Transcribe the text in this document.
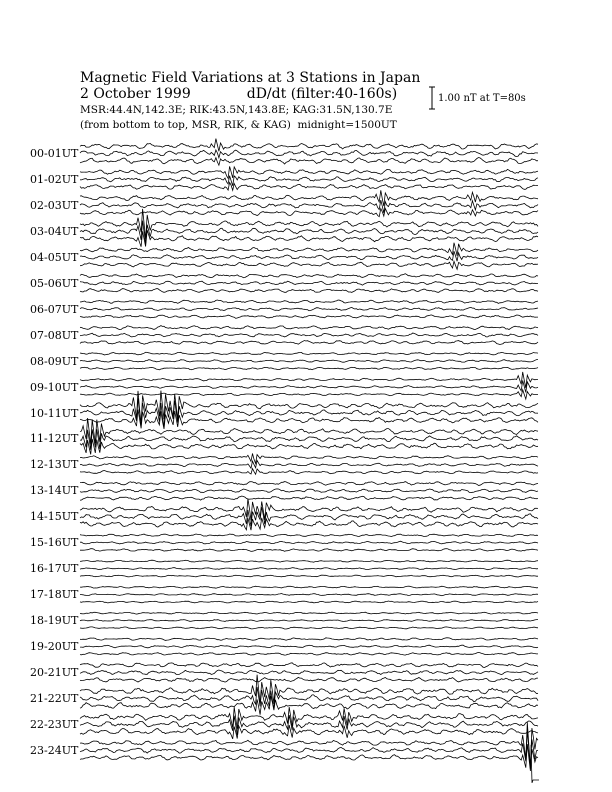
Magnetic Field Variations at 3 Stations in Japan
2 October 1999	dD/dt (filter:40-160s)
MSR:44.4N,142.3E; RIK:43.5N,143.8E; KAG:31.5N,130.7E
(from bottom to top, MSR, RIK, & KAG) midnight=1500UT
1.00 nT at T=80s
00-01UT
01-02UT
02-03UT
03-04UT
04-05UT
05-06UT
06-07UT
07-08UT
08-09UT
09-10UT
10-11UT
11-12UT
12-13UT
13-14UT
14-15UT
15-16UT
16-17UT
17-18UT
18-19UT
19-20UT
20-21UT
21-22UT
22-23UT
23-24UT
